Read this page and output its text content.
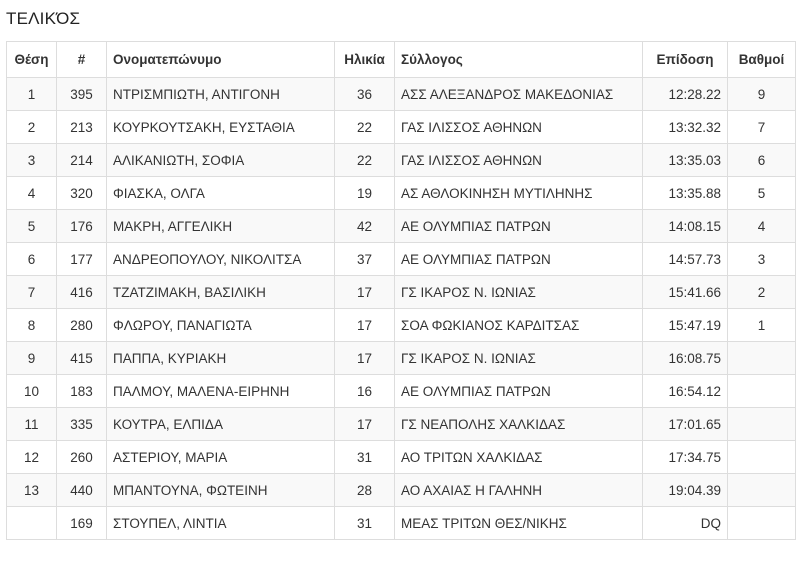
ΤΕΛΙΚΌΣ
Θέση	#	Ονοματεπώνυμο	Ηλικία	Σύλλογος	Επίδοση	Βαθμοί
1	395	ΝΤΡΙΣΜΠΙΩΤΗ, ΑΝΤΙΓΟΝΗ	36	ΑΣΣ ΑΛΕΞΑΝΔΡΟΣ ΜΑΚΕΔΟΝΙΑΣ	12:28.22	9
2	213	ΚΟΥΡΚΟΥΤΣΑΚΗ, ΕΥΣΤΑΘΙΑ	22	ΓΑΣ ΙΛΙΣΣΟΣ ΑΘΗΝΩΝ	13:32.32	7
3	214	ΑΛΙΚΑΝΙΩΤΗ, ΣΟΦΙΑ	22	ΓΑΣ ΙΛΙΣΣΟΣ ΑΘΗΝΩΝ	13:35.03	6
4	320	ΦΙΑΣΚΑ, ΟΛΓΑ	19	ΑΣ ΑΘΛΟΚΙΝΗΣΗ ΜΥΤΙΛΗΝΗΣ	13:35.88	5
5	176	ΜΑΚΡΗ, ΑΓΓΕΛΙΚΗ	42	ΑΕ ΟΛΥΜΠΙΑΣ ΠΑΤΡΩΝ	14:08.15	4
6	177	ΑΝΔΡΕΟΠΟΥΛΟΥ, ΝΙΚΟΛΙΤΣΑ	37	ΑΕ ΟΛΥΜΠΙΑΣ ΠΑΤΡΩΝ	14:57.73	3
7	416	ΤΖΑΤΖΙΜΑΚΗ, ΒΑΣΙΛΙΚΗ	17	ΓΣ ΙΚΑΡΟΣ Ν. ΙΩΝΙΑΣ	15:41.66	2
8	280	ΦΛΩΡΟΥ, ΠΑΝΑΓΙΩΤΑ	17	ΣΟΑ ΦΩΚΙΑΝΟΣ ΚΑΡΔΙΤΣΑΣ	15:47.19	1
9	415	ΠΑΠΠΑ, ΚΥΡΙΑΚΗ	17	ΓΣ ΙΚΑΡΟΣ Ν. ΙΩΝΙΑΣ	16:08.75	
10	183	ΠΑΛΜΟΥ, ΜΑΛΕΝΑ-ΕΙΡΗΝΗ	16	ΑΕ ΟΛΥΜΠΙΑΣ ΠΑΤΡΩΝ	16:54.12	
11	335	ΚΟΥΤΡΑ, ΕΛΠΙΔΑ	17	ΓΣ ΝΕΑΠΟΛΗΣ ΧΑΛΚΙΔΑΣ	17:01.65	
12	260	ΑΣΤΕΡΙΟΥ, ΜΑΡΙΑ	31	ΑΟ ΤΡΙΤΩΝ ΧΑΛΚΙΔΑΣ	17:34.75	
13	440	ΜΠΑΝΤΟΥΝΑ, ΦΩΤΕΙΝΗ	28	ΑΟ ΑΧΑΙΑΣ Η ΓΑΛΗΝΗ	19:04.39	
	169	ΣΤΟΥΠΕΛ, ΛΙΝΤΙΑ	31	ΜΕΑΣ ΤΡΙΤΩΝ ΘΕΣ/ΝΙΚΗΣ	DQ	
